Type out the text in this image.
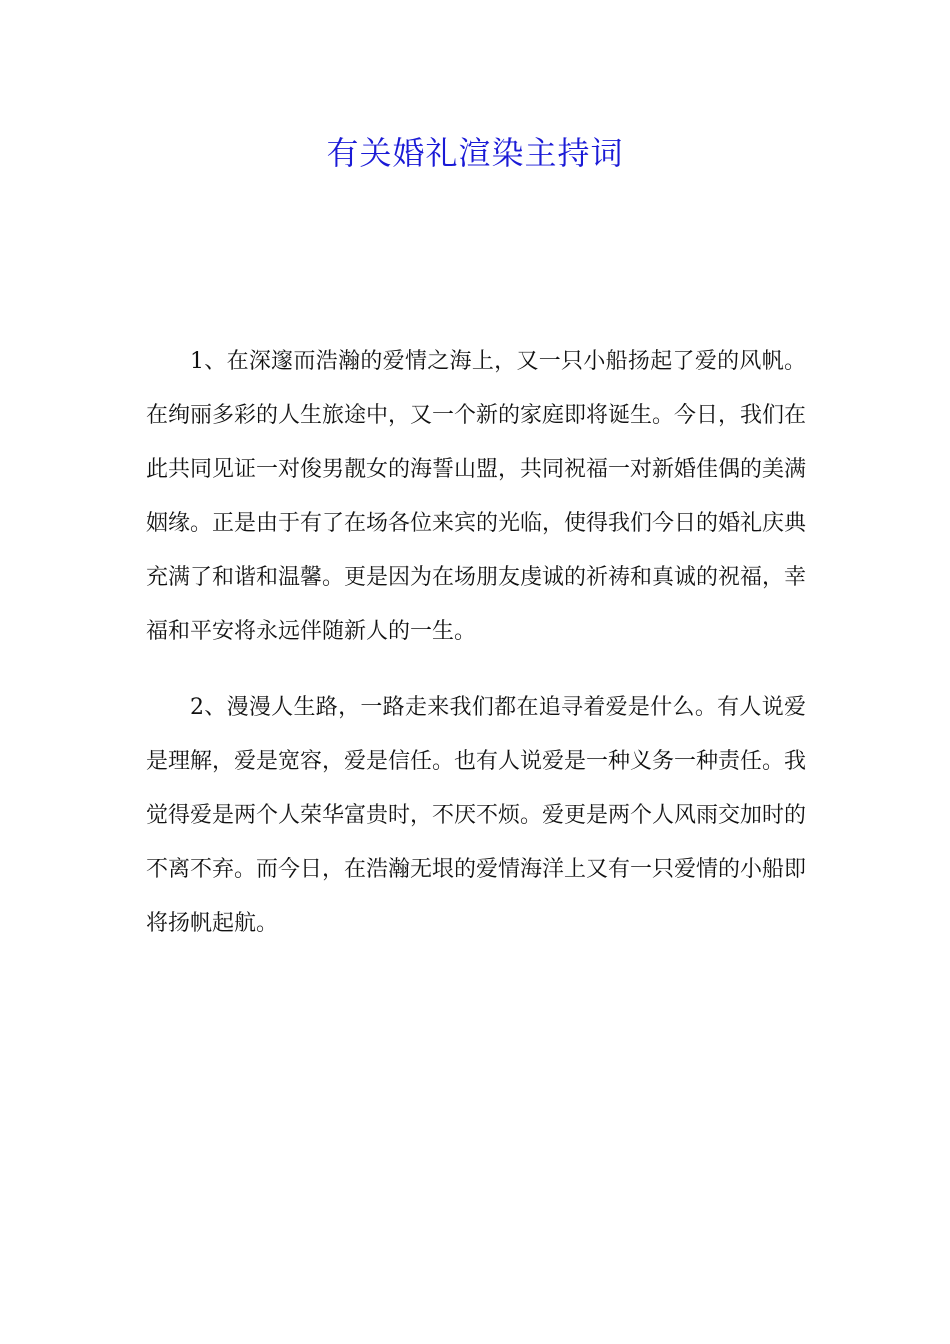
有关婚礼渲染主持词

1、在深邃而浩瀚的爱情之海上，又一只小船扬起了爱的风帆。在绚丽多彩的人生旅途中，又一个新的家庭即将诞生。今日，我们在此共同见证一对俊男靓女的海誓山盟，共同祝福一对新婚佳偶的美满姻缘。正是由于有了在场各位来宾的光临，使得我们今日的婚礼庆典充满了和谐和温馨。更是因为在场朋友虔诚的祈祷和真诚的祝福，幸福和平安将永远伴随新人的一生。

2、漫漫人生路，一路走来我们都在追寻着爱是什么。有人说爱是理解，爱是宽容，爱是信任。也有人说爱是一种义务一种责任。我觉得爱是两个人荣华富贵时，不厌不烦。爱更是两个人风雨交加时的不离不弃。而今日，在浩瀚无垠的爱情海洋上又有一只爱情的小船即将扬帆起航。
